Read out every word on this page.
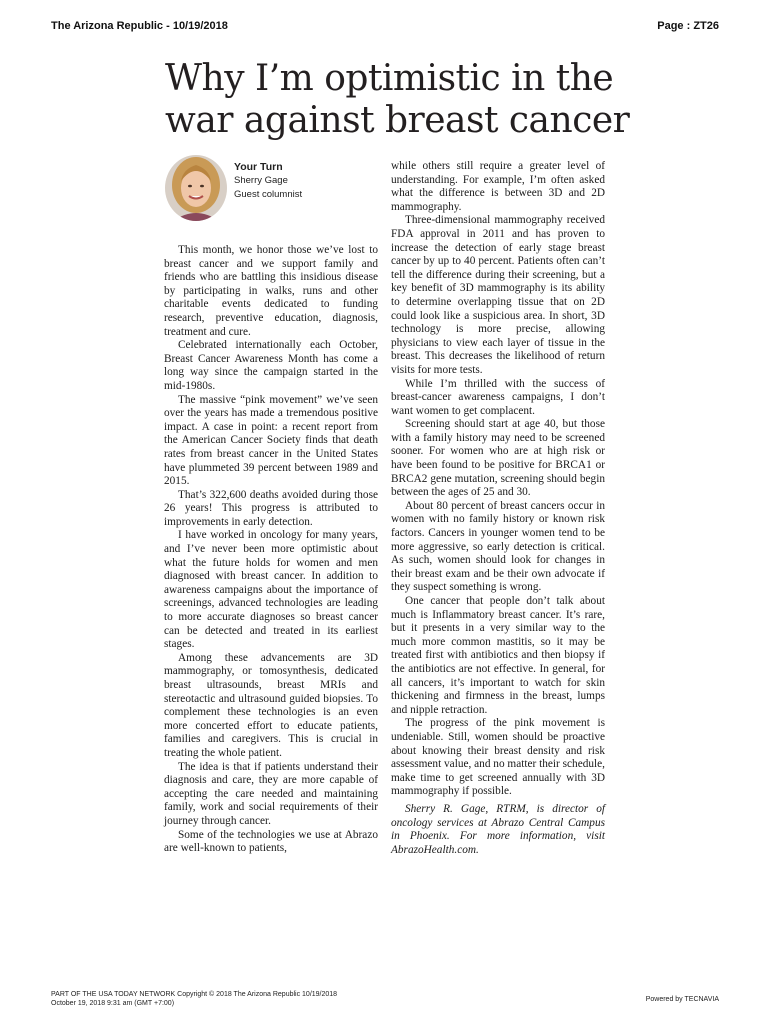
The Arizona Republic - 10/19/2018	Page : ZT26
Why I’m optimistic in the war against breast cancer
Your Turn
Sherry Gage
Guest columnist

This month, we honor those we’ve lost to breast cancer and we support family and friends who are battling this insidious disease by participating in walks, runs and other charitable events dedicated to funding research, preventive education, diagnosis, treatment and cure.

Celebrated internationally each October, Breast Cancer Awareness Month has come a long way since the campaign started in the mid-1980s.

The massive “pink movement” we’ve seen over the years has made a tremendous positive impact. A case in point: a recent report from the American Cancer Society finds that death rates from breast cancer in the United States have plummeted 39 percent between 1989 and 2015.

That’s 322,600 deaths avoided during those 26 years! This progress is attributed to improvements in early detection.

I have worked in oncology for many years, and I’ve never been more optimistic about what the future holds for women and men diagnosed with breast cancer. In addition to awareness campaigns about the importance of screenings, advanced technologies are leading to more accurate diagnoses so breast cancer can be detected and treated in its earliest stages.

Among these advancements are 3D mammography, or tomosynthesis, dedicated breast ultrasounds, breast MRIs and stereotactic and ultrasound guided biopsies. To complement these technologies is an even more concerted effort to educate patients, families and caregivers. This is crucial in treating the whole patient.

The idea is that if patients understand their diagnosis and care, they are more capable of accepting the care needed and maintaining family, work and social requirements of their journey through cancer.

Some of the technologies we use at Abrazo are well-known to patients,

while others still require a greater level of understanding. For example, I’m often asked what the difference is between 3D and 2D mammography.

Three-dimensional mammography received FDA approval in 2011 and has proven to increase the detection of early stage breast cancer by up to 40 percent. Patients often can’t tell the difference during their screening, but a key benefit of 3D mammography is its ability to determine overlapping tissue that on 2D could look like a suspicious area. In short, 3D technology is more precise, allowing physicians to view each layer of tissue in the breast. This decreases the likelihood of return visits for more tests.

While I’m thrilled with the success of breast-cancer awareness campaigns, I don’t want women to get complacent.

Screening should start at age 40, but those with a family history may need to be screened sooner. For women who are at high risk or have been found to be positive for BRCA1 or BRCA2 gene mutation, screening should begin between the ages of 25 and 30.

About 80 percent of breast cancers occur in women with no family history or known risk factors. Cancers in younger women tend to be more aggressive, so early detection is critical. As such, women should look for changes in their breast exam and be their own advocate if they suspect something is wrong.

One cancer that people don’t talk about much is Inflammatory breast cancer. It’s rare, but it presents in a very similar way to the much more common mastitis, so it may be treated first with antibiotics and then biopsy if the antibiotics are not effective. In general, for all cancers, it’s important to watch for skin thickening and firmness in the breast, lumps and nipple retraction.

The progress of the pink movement is undeniable. Still, women should be proactive about knowing their breast density and risk assessment value, and no matter their schedule, make time to get screened annually with 3D mammography if possible.

Sherry R. Gage, RTRM, is director of oncology services at Abrazo Central Campus in Phoenix. For more information, visit AbrazoHealth.com.

PART OF THE USA TODAY NETWORK Copyright © 2018 The Arizona Republic 10/19/2018
October 19, 2018 9:31 am (GMT +7:00)
Powered by TECNAVIA
